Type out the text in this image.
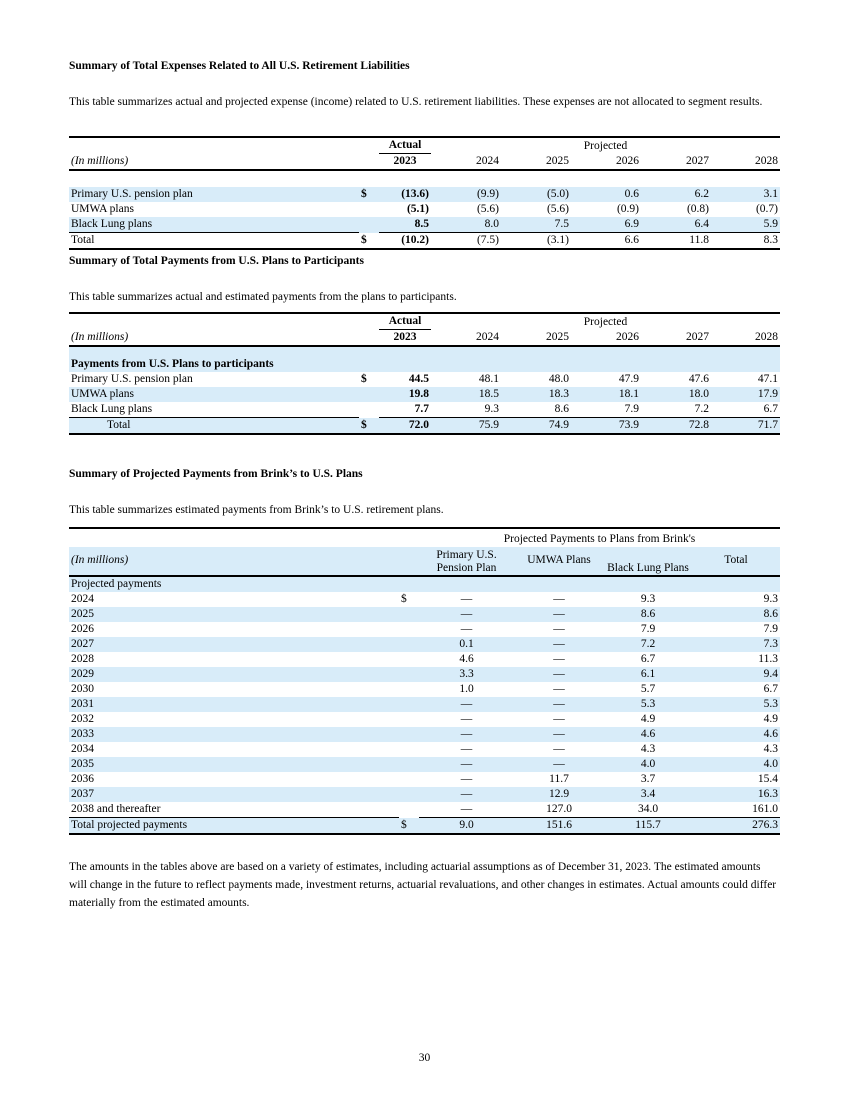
Summary of Total Expenses Related to All U.S. Retirement Liabilities
This table summarizes actual and projected expense (income) related to U.S. retirement liabilities. These expenses are not allocated to segment results.
		Actual	Projected				
(In millions)		2023	2024	2025	2026	2027	2028

Primary U.S. pension plan	$	(13.6)	(9.9)	(5.0)	0.6	6.2	3.1
UMWA plans		(5.1)	(5.6)	(5.6)	(0.9)	(0.8)	(0.7)
Black Lung plans		8.5	8.0	7.5	6.9	6.4	5.9
Total	$	(10.2)	(7.5)	(3.1)	6.6	11.8	8.3
Summary of Total Payments from U.S. Plans to Participants
This table summarizes actual and estimated payments from the plans to participants.
		Actual	Projected				
(In millions)		2023	2024	2025	2026	2027	2028

Payments from U.S. Plans to participants							
Primary U.S. pension plan	$	44.5	48.1	48.0	47.9	47.6	47.1
UMWA plans		19.8	18.5	18.3	18.1	18.0	17.9
Black Lung plans		7.7	9.3	8.6	7.9	7.2	6.7
Total	$	72.0	75.9	74.9	73.9	72.8	71.7
Summary of Projected Payments from Brink’s to U.S. Plans
This table summarizes estimated payments from Brink’s to U.S. retirement plans.
		Projected Payments to Plans from Brink's			
(In millions)		Primary U.S. Pension Plan	UMWA Plans	Black Lung Plans	Total
Projected payments					
2024	$	—	—	9.3	9.3
2025		—	—	8.6	8.6
2026		—	—	7.9	7.9
2027		0.1	—	7.2	7.3
2028		4.6	—	6.7	11.3
2029		3.3	—	6.1	9.4
2030		1.0	—	5.7	6.7
2031		—	—	5.3	5.3
2032		—	—	4.9	4.9
2033		—	—	4.6	4.6
2034		—	—	4.3	4.3
2035		—	—	4.0	4.0
2036		—	11.7	3.7	15.4
2037		—	12.9	3.4	16.3
2038 and thereafter		—	127.0	34.0	161.0
Total projected payments	$	9.0	151.6	115.7	276.3
The amounts in the tables above are based on a variety of estimates, including actuarial assumptions as of December 31, 2023. The estimated amounts will change in the future to reflect payments made, investment returns, actuarial revaluations, and other changes in estimates. Actual amounts could differ materially from the estimated amounts.
30
